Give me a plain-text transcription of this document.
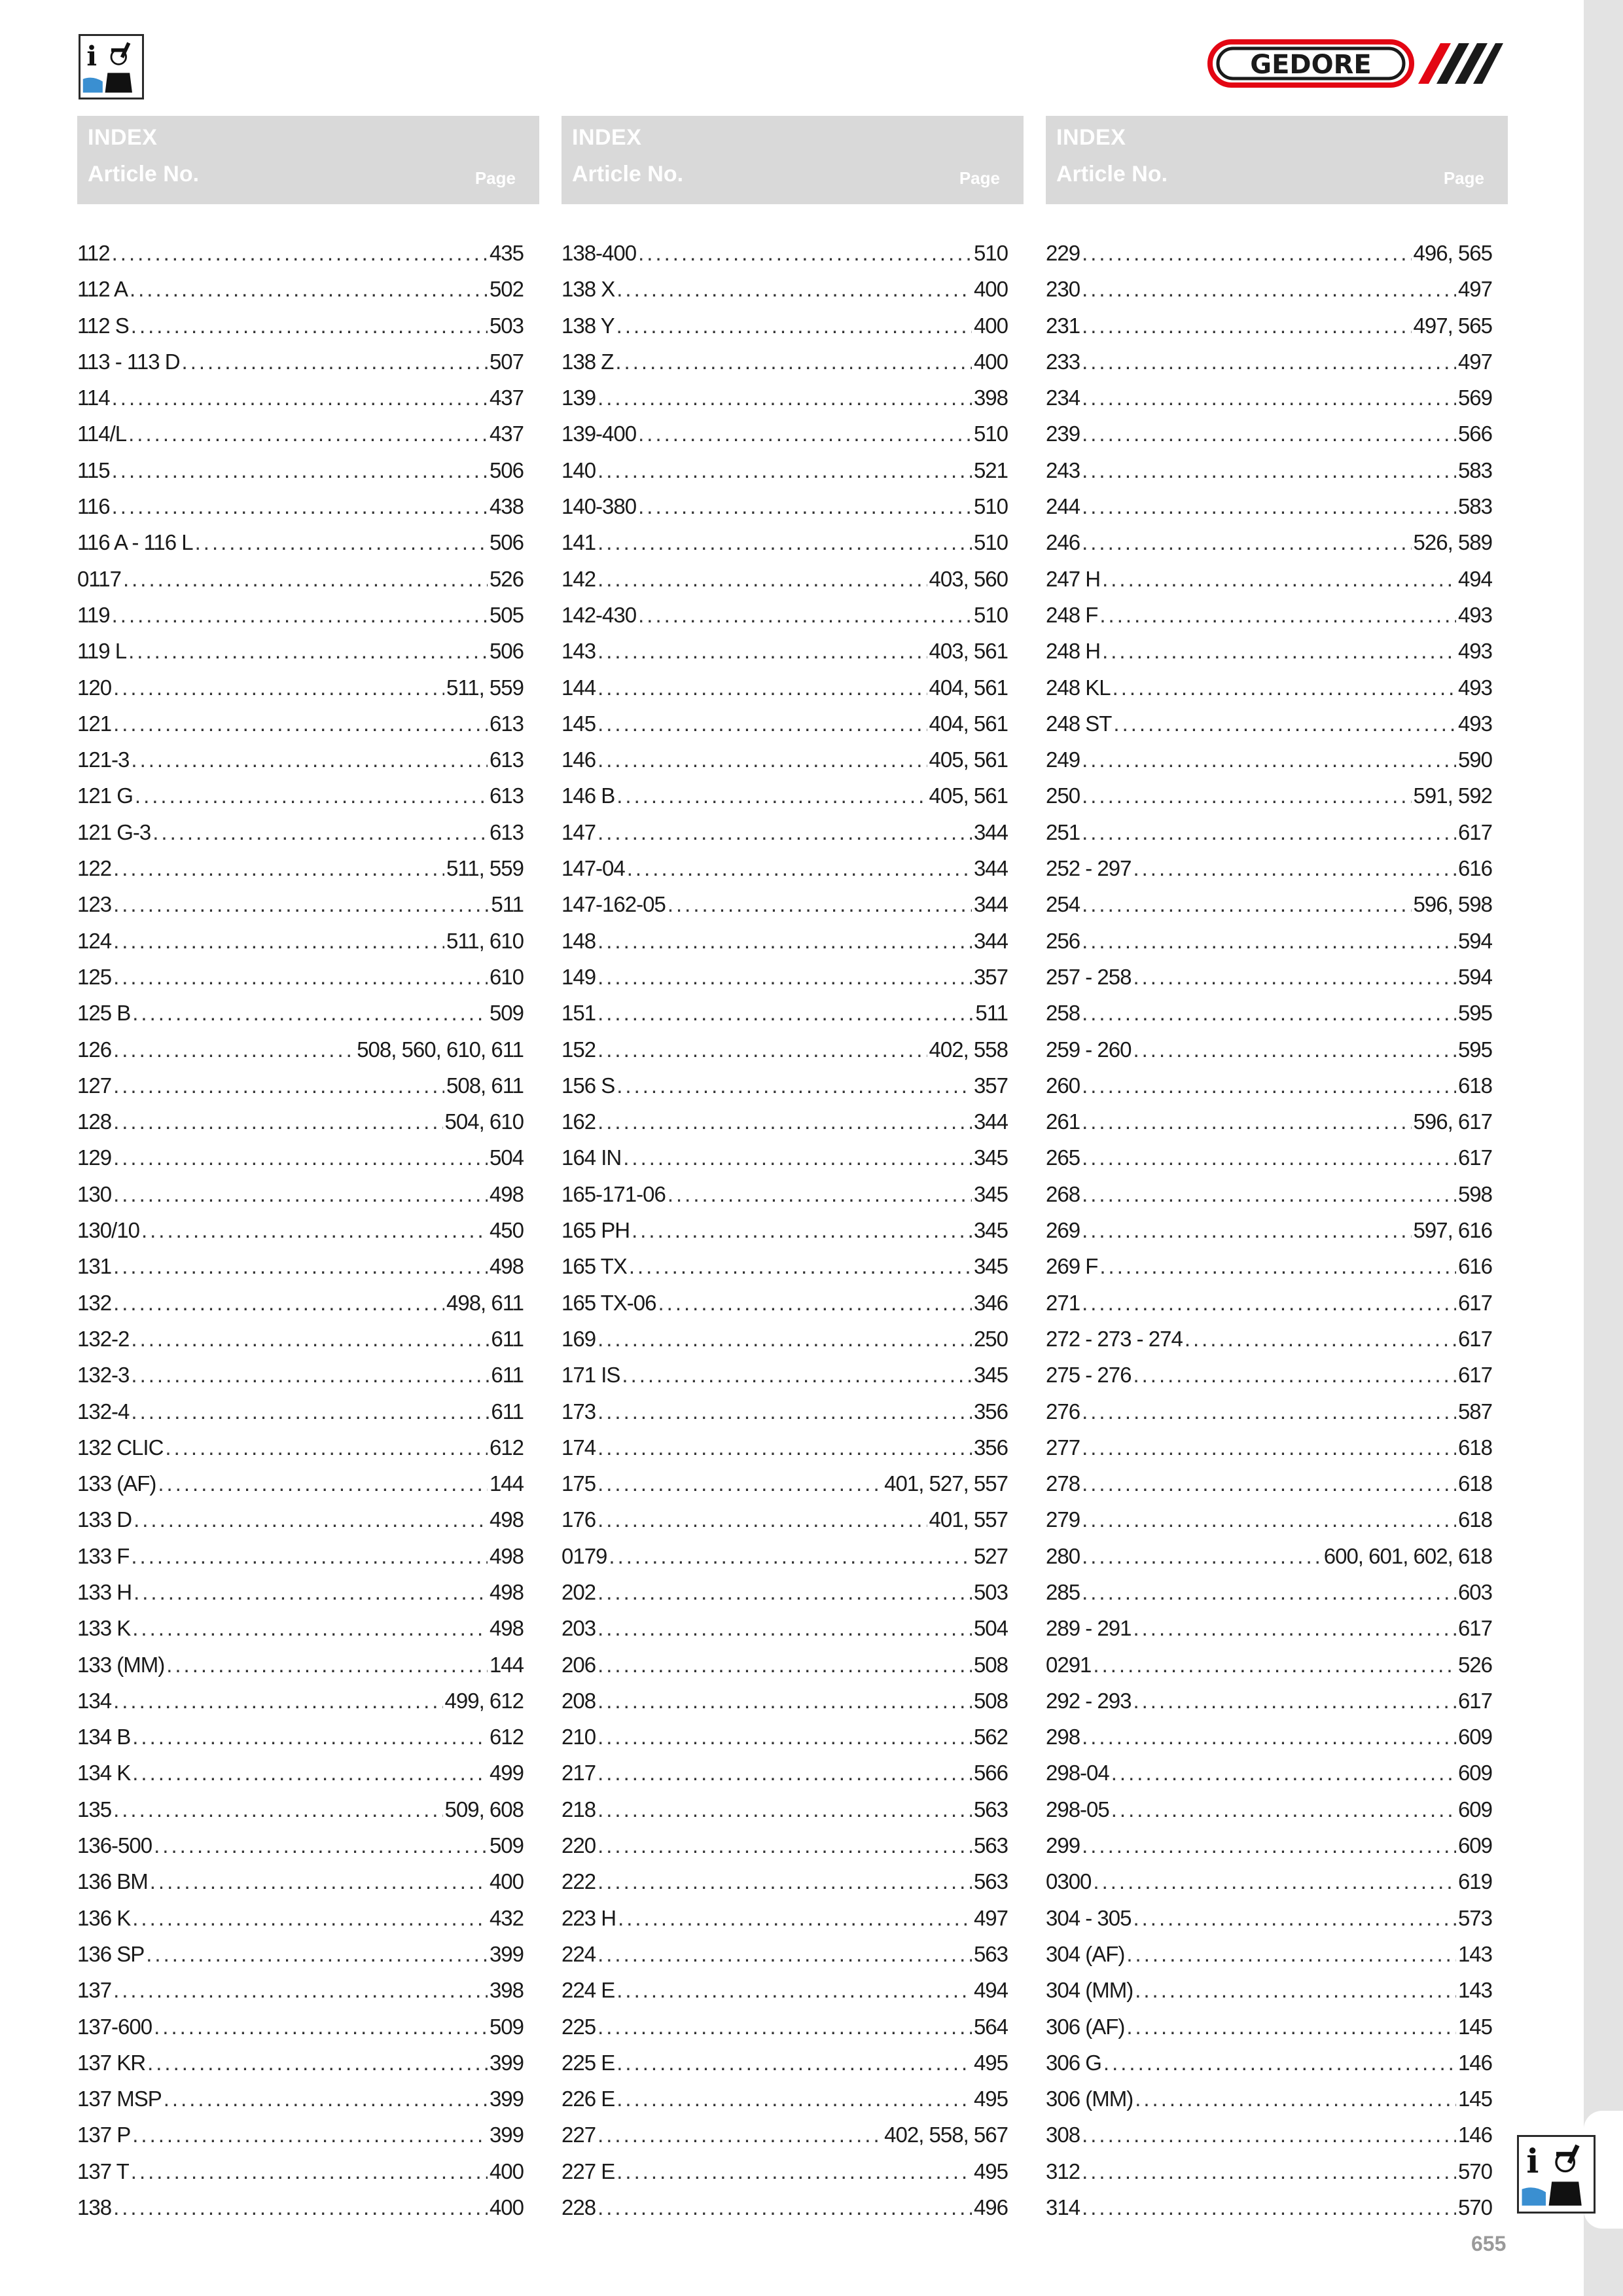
i	GEDORE
INDEX
Article No.	Page
112 .....	435
112 A .....	502
112 S .....	503
113 - 113 D .....	507
114 .....	437
114/L .....	437
115 .....	506
116 .....	438
116 A - 116 L .....	506
0117 .....	526
119 .....	505
119 L .....	506
120 .....	511, 559
121 .....	613
121-3 .....	613
121 G .....	613
121 G-3 .....	613
122 .....	511, 559
123 .....	511
124 .....	511, 610
125 .....	610
125 B .....	509
126 .....	508, 560, 610, 611
127 .....	508, 611
128 .....	504, 610
129 .....	504
130 .....	498
130/10 .....	450
131 .....	498
132 .....	498, 611
132-2 .....	611
132-3 .....	611
132-4 .....	611
132 CLIC .....	612
133 (AF) .....	144
133 D .....	498
133 F .....	498
133 H .....	498
133 K .....	498
133 (MM) .....	144
134 .....	499, 612
134 B .....	612
134 K .....	499
135 .....	509, 608
136-500 .....	509
136 BM .....	400
136 K .....	432
136 SP .....	399
137 .....	398
137-600 .....	509
137 KR .....	399
137 MSP .....	399
137 P .....	399
137 T .....	400
138 .....	400
INDEX
Article No.	Page
138-400 .....	510
138 X .....	400
138 Y .....	400
138 Z .....	400
139 .....	398
139-400 .....	510
140 .....	521
140-380 .....	510
141 .....	510
142 .....	403, 560
142-430 .....	510
143 .....	403, 561
144 .....	404, 561
145 .....	404, 561
146 .....	405, 561
146 B .....	405, 561
147 .....	344
147-04 .....	344
147-162-05 .....	344
148 .....	344
149 .....	357
151 .....	511
152 .....	402, 558
156 S .....	357
162 .....	344
164 IN .....	345
165-171-06 .....	345
165 PH .....	345
165 TX .....	345
165 TX-06 .....	346
169 .....	250
171 IS .....	345
173 .....	356
174 .....	356
175 .....	401, 527, 557
176 .....	401, 557
0179 .....	527
202 .....	503
203 .....	504
206 .....	508
208 .....	508
210 .....	562
217 .....	566
218 .....	563
220 .....	563
222 .....	563
223 H .....	497
224 .....	563
224 E .....	494
225 .....	564
225 E .....	495
226 E .....	495
227 .....	402, 558, 567
227 E .....	495
228 .....	496
INDEX
Article No.	Page
229 .....	496, 565
230 .....	497
231 .....	497, 565
233 .....	497
234 .....	569
239 .....	566
243 .....	583
244 .....	583
246 .....	526, 589
247 H .....	494
248 F .....	493
248 H .....	493
248 KL .....	493
248 ST .....	493
249 .....	590
250 .....	591, 592
251 .....	617
252 - 297 .....	616
254 .....	596, 598
256 .....	594
257 - 258 .....	594
258 .....	595
259 - 260 .....	595
260 .....	618
261 .....	596, 617
265 .....	617
268 .....	598
269 .....	597, 616
269 F .....	616
271 .....	617
272 - 273 - 274 .....	617
275 - 276 .....	617
276 .....	587
277 .....	618
278 .....	618
279 .....	618
280 .....	600, 601, 602, 618
285 .....	603
289 - 291 .....	617
0291 .....	526
292 - 293 .....	617
298 .....	609
298-04 .....	609
298-05 .....	609
299 .....	609
0300 .....	619
304 - 305 .....	573
304 (AF) .....	143
304 (MM) .....	143
306 (AF) .....	145
306 G .....	146
306 (MM) .....	145
308 .....	146
312 .....	570
314 .....	570
i
655
